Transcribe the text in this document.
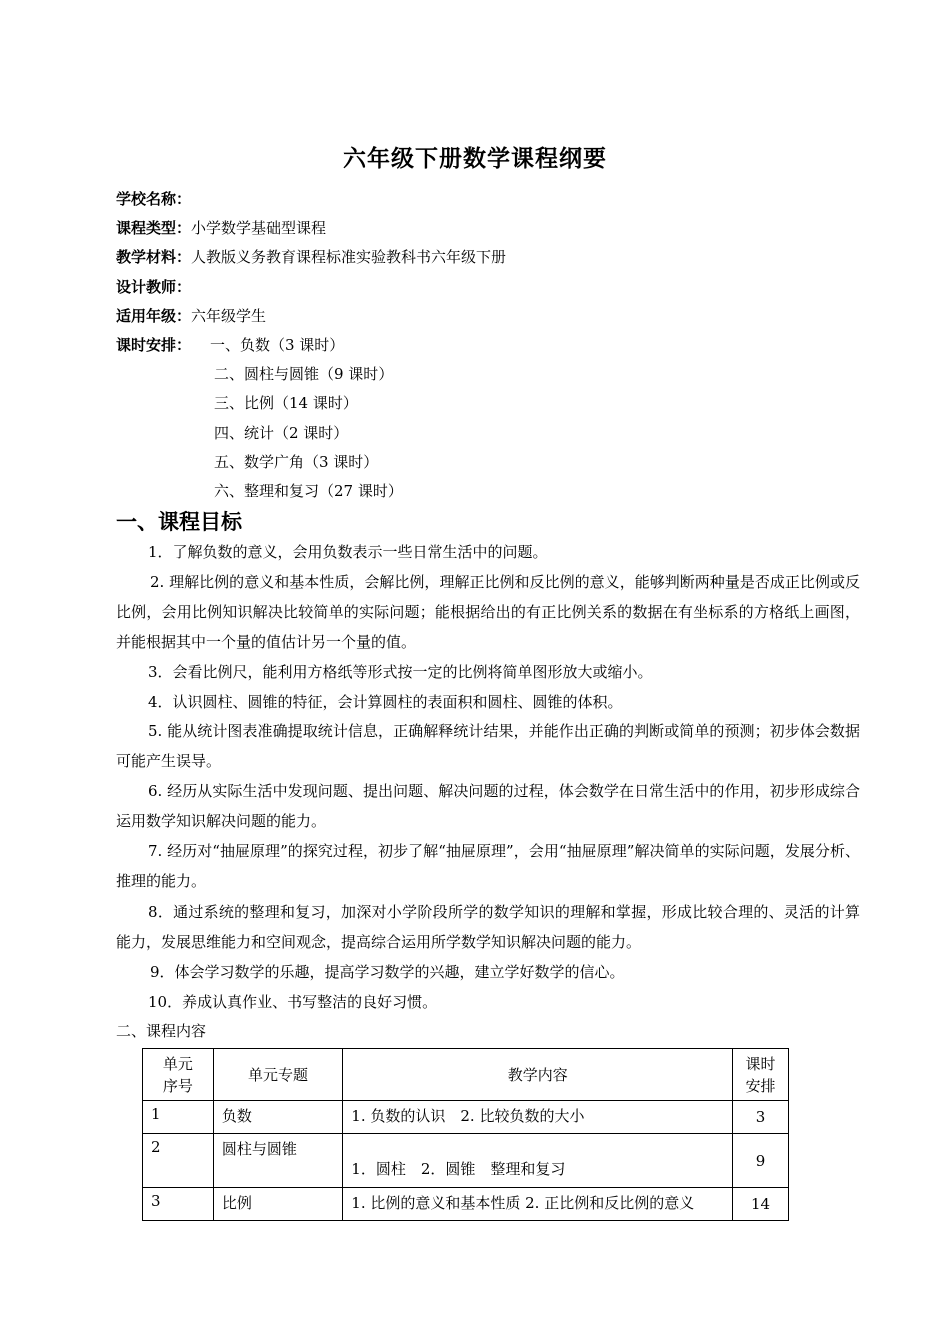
六年级下册数学课程纲要
学校名称：
课程类型：小学数学基础型课程
教学材料：人教版义务教育课程标准实验教科书六年级下册
设计教师：
适用年级：六年级学生
课时安排： 一、负数（3 课时）
二、圆柱与圆锥（9 课时）
三、比例（14 课时）
四、统计（2 课时）
五、数学广角（3 课时）
六、整理和复习（27 课时）
一、课程目标
1．了解负数的意义，会用负数表示一些日常生活中的问题。
2. 理解比例的意义和基本性质，会解比例，理解正比例和反比例的意义，能够判断两种量是否成正比例或反比例，会用比例知识解决比较简单的实际问题；能根据给出的有正比例关系的数据在有坐标系的方格纸上画图，并能根据其中一个量的值估计另一个量的值。
3．会看比例尺，能利用方格纸等形式按一定的比例将简单图形放大或缩小。
4．认识圆柱、圆锥的特征，会计算圆柱的表面积和圆柱、圆锥的体积。
5. 能从统计图表准确提取统计信息，正确解释统计结果，并能作出正确的判断或简单的预测；初步体会数据可能产生误导。
6. 经历从实际生活中发现问题、提出问题、解决问题的过程，体会数学在日常生活中的作用，初步形成综合运用数学知识解决问题的能力。
7. 经历对“抽屉原理”的探究过程，初步了解“抽屉原理”，会用“抽屉原理”解决简单的实际问题，发展分析、推理的能力。
8．通过系统的整理和复习，加深对小学阶段所学的数学知识的理解和掌握，形成比较合理的、灵活的计算能力，发展思维能力和空间观念，提高综合运用所学数学知识解决问题的能力。
9．体会学习数学的乐趣，提高学习数学的兴趣，建立学好数学的信心。
10．养成认真作业、书写整洁的良好习惯。
二、课程内容
单元序号	单元专题	教学内容	课时安排
1	负数	1. 负数的认识　2. 比较负数的大小	3
2	圆柱与圆锥	1．圆柱　2．圆锥　整理和复习	9
3	比例	1. 比例的意义和基本性质 2. 正比例和反比例的意义	14
